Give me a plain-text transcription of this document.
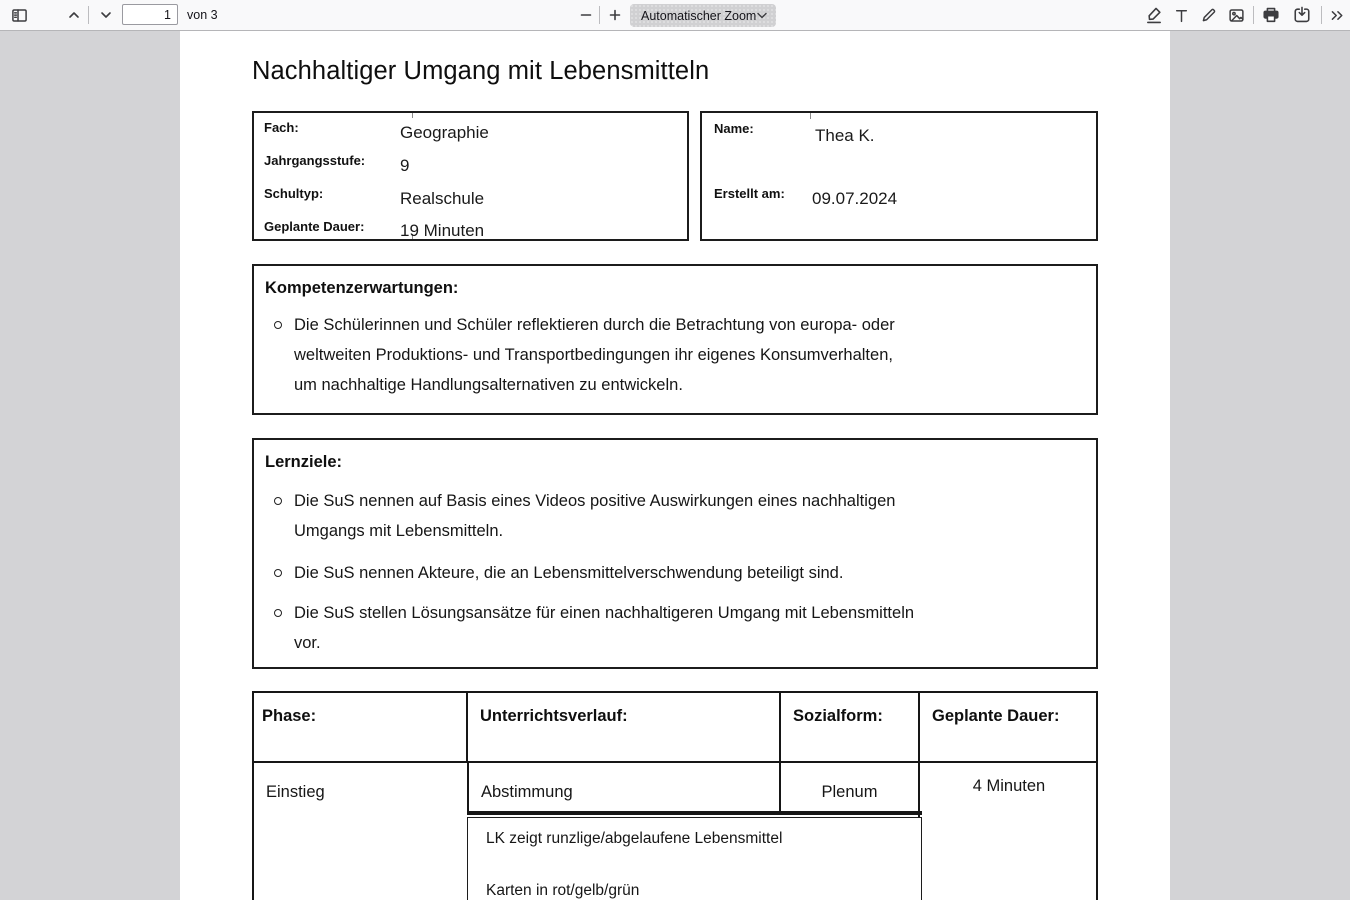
1
von 3	Automatischer Zoom
Nachhaltiger Umgang mit Lebensmitteln
Fach:	Geographie
Jahrgangsstufe: 9
Schultyp:	Realschule
Geplante Dauer: 19 Minuten
Name:	Thea K.
Erstellt am: 09.07.2024
Kompetenzerwartungen:
Die Schülerinnen und Schüler reflektieren durch die Betrachtung von europa- oder
weltweiten Produktions- und Transportbedingungen ihr eigenes Konsumverhalten,
um nachhaltige Handlungsalternativen zu entwickeln.
Lernziele:
Die SuS nennen auf Basis eines Videos positive Auswirkungen eines nachhaltigen
Umgangs mit Lebensmitteln.
Die SuS nennen Akteure, die an Lebensmittelverschwendung beteiligt sind.
Die SuS stellen Lösungsansätze für einen nachhaltigeren Umgang mit Lebensmitteln
vor.
Phase:	Unterrichtsverlauf:	Sozialform:	Geplante Dauer:
Einstieg	Abstimmung	Plenum	4 Minuten
LK zeigt runzlige/abgelaufene Lebensmittel
Karten in rot/gelb/grün
